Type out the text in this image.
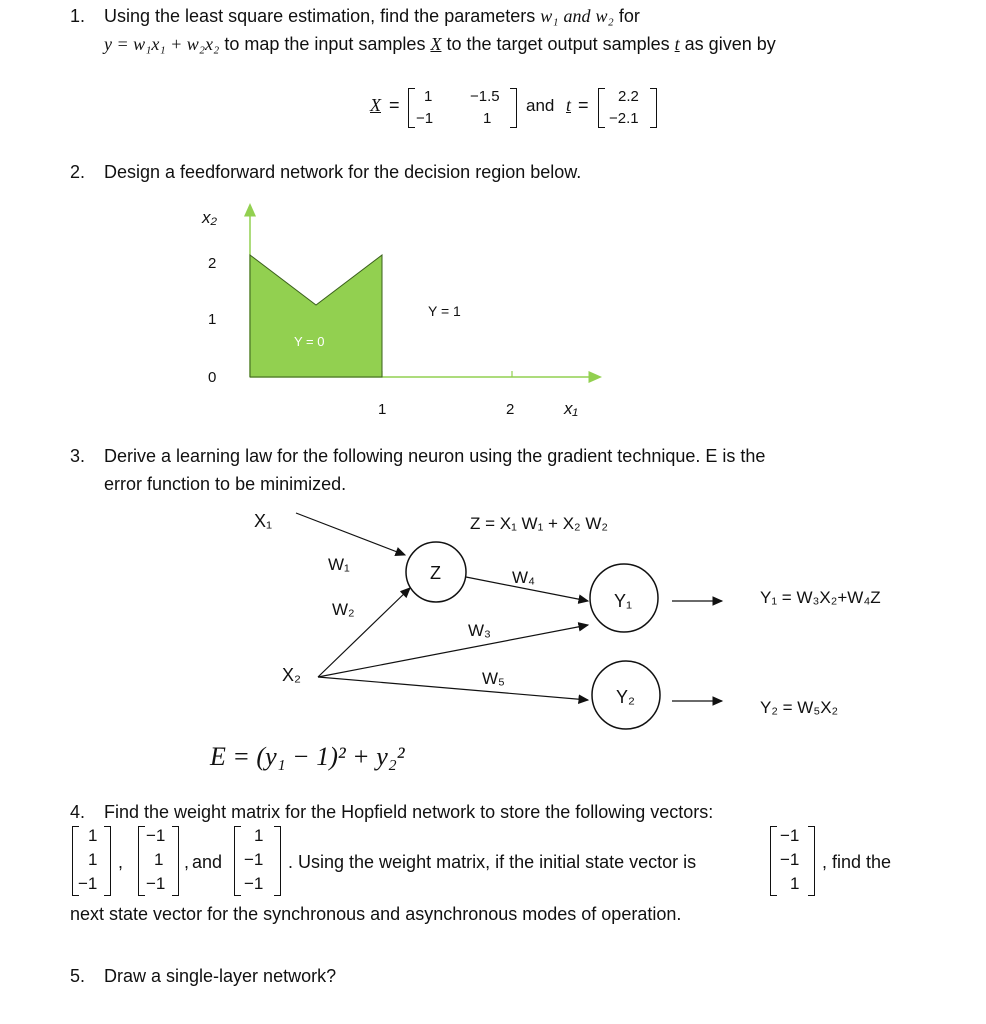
1. Using the least square estimation, find the parameters w₁ and w₂ for
y = w₁x₁ + w₂x₂ to map the input samples X to the target output samples t as given by
X = 1	−1.5
−1	1
and t = 2.2
−2.1
2. Design a feedforward network for the decision region below.
x₂
2
1
0
1	2	x₁
Y = 0
Y = 1
3. Derive a learning law for the following neuron using the gradient technique. E is the
error function to be minimized.
X₁
X₂
Z
Z = X₁ W₁ + X₂ W₂
W₁
W₂
W₃
W₄
W₅
Y₁
Y₂
Y₁ = W₃X₂+W₄Z
Y₂ = W₅X₂
E = (y₁ − 1)² + y₂²
4. Find the weight matrix for the Hopfield network to store the following vectors:
1
1
−1
,
−1
1
−1
, and
1
−1
−1
. Using the weight matrix, if the initial state vector is
−1
−1
1
, find the
next state vector for the synchronous and asynchronous modes of operation.
5. Draw a single-layer network?
